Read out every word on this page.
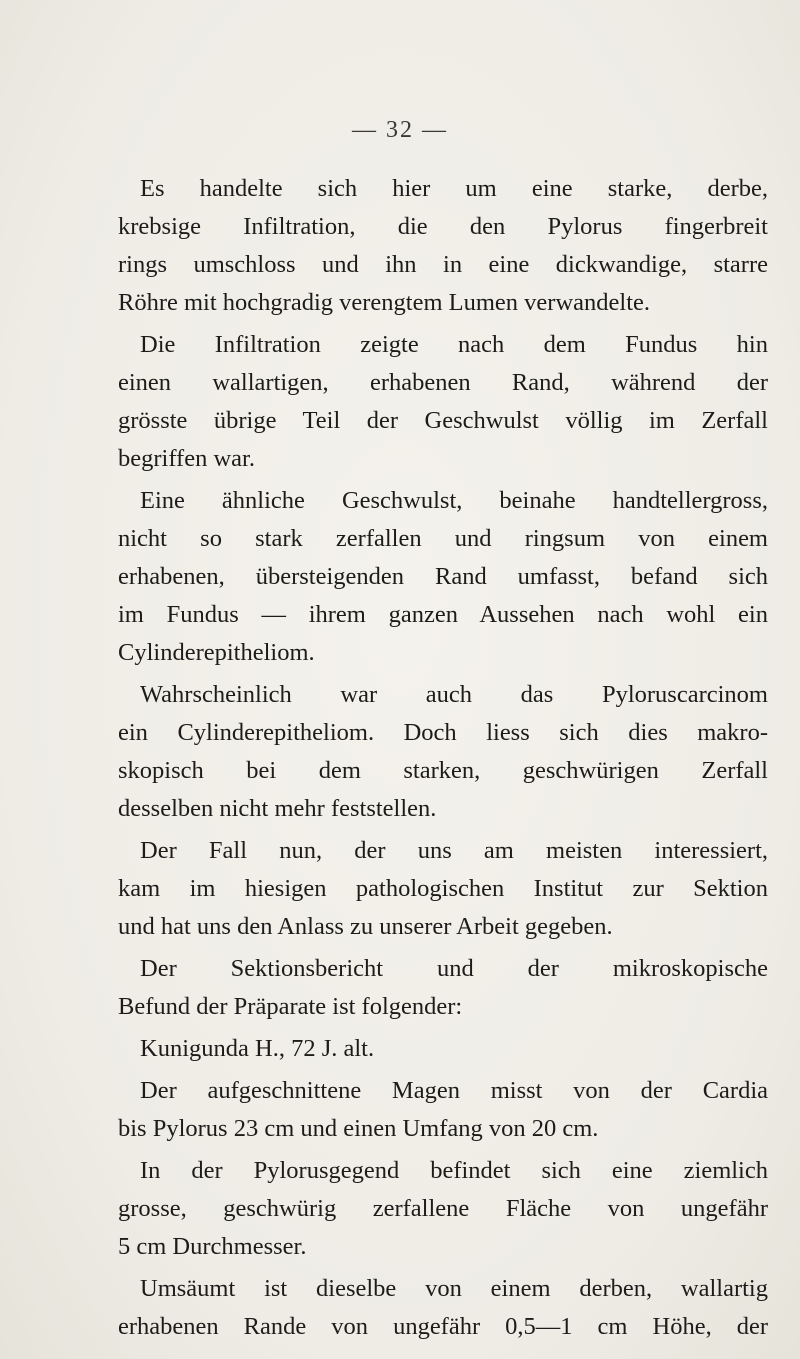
— 32 —
Es handelte sich hier um eine starke, derbe,
krebsige Infiltration, die den Pylorus fingerbreit
rings umschloss und ihn in eine dickwandige, starre
Röhre mit hochgradig verengtem Lumen verwandelte.
Die Infiltration zeigte nach dem Fundus hin
einen wallartigen, erhabenen Rand, während der
grösste übrige Teil der Geschwulst völlig im Zerfall
begriffen war.
Eine ähnliche Geschwulst, beinahe handtellergross,
nicht so stark zerfallen und ringsum von einem
erhabenen, übersteigenden Rand umfasst, befand sich
im Fundus — ihrem ganzen Aussehen nach wohl ein
Cylinderepitheliom.
Wahrscheinlich war auch das Pyloruscarcinom
ein Cylinderepitheliom. Doch liess sich dies makro-
skopisch bei dem starken, geschwürigen Zerfall
desselben nicht mehr feststellen.
Der Fall nun, der uns am meisten interessiert,
kam im hiesigen pathologischen Institut zur Sektion
und hat uns den Anlass zu unserer Arbeit gegeben.
Der Sektionsbericht und der mikroskopische
Befund der Präparate ist folgender:
Kunigunda H., 72 J. alt.
Der aufgeschnittene Magen misst von der Cardia
bis Pylorus 23 cm und einen Umfang von 20 cm.
In der Pylorusgegend befindet sich eine ziemlich
grosse, geschwürig zerfallene Fläche von ungefähr
5 cm Durchmesser.
Umsäumt ist dieselbe von einem derben, wallartig
erhabenen Rande von ungefähr 0,5—1 cm Höhe, der
